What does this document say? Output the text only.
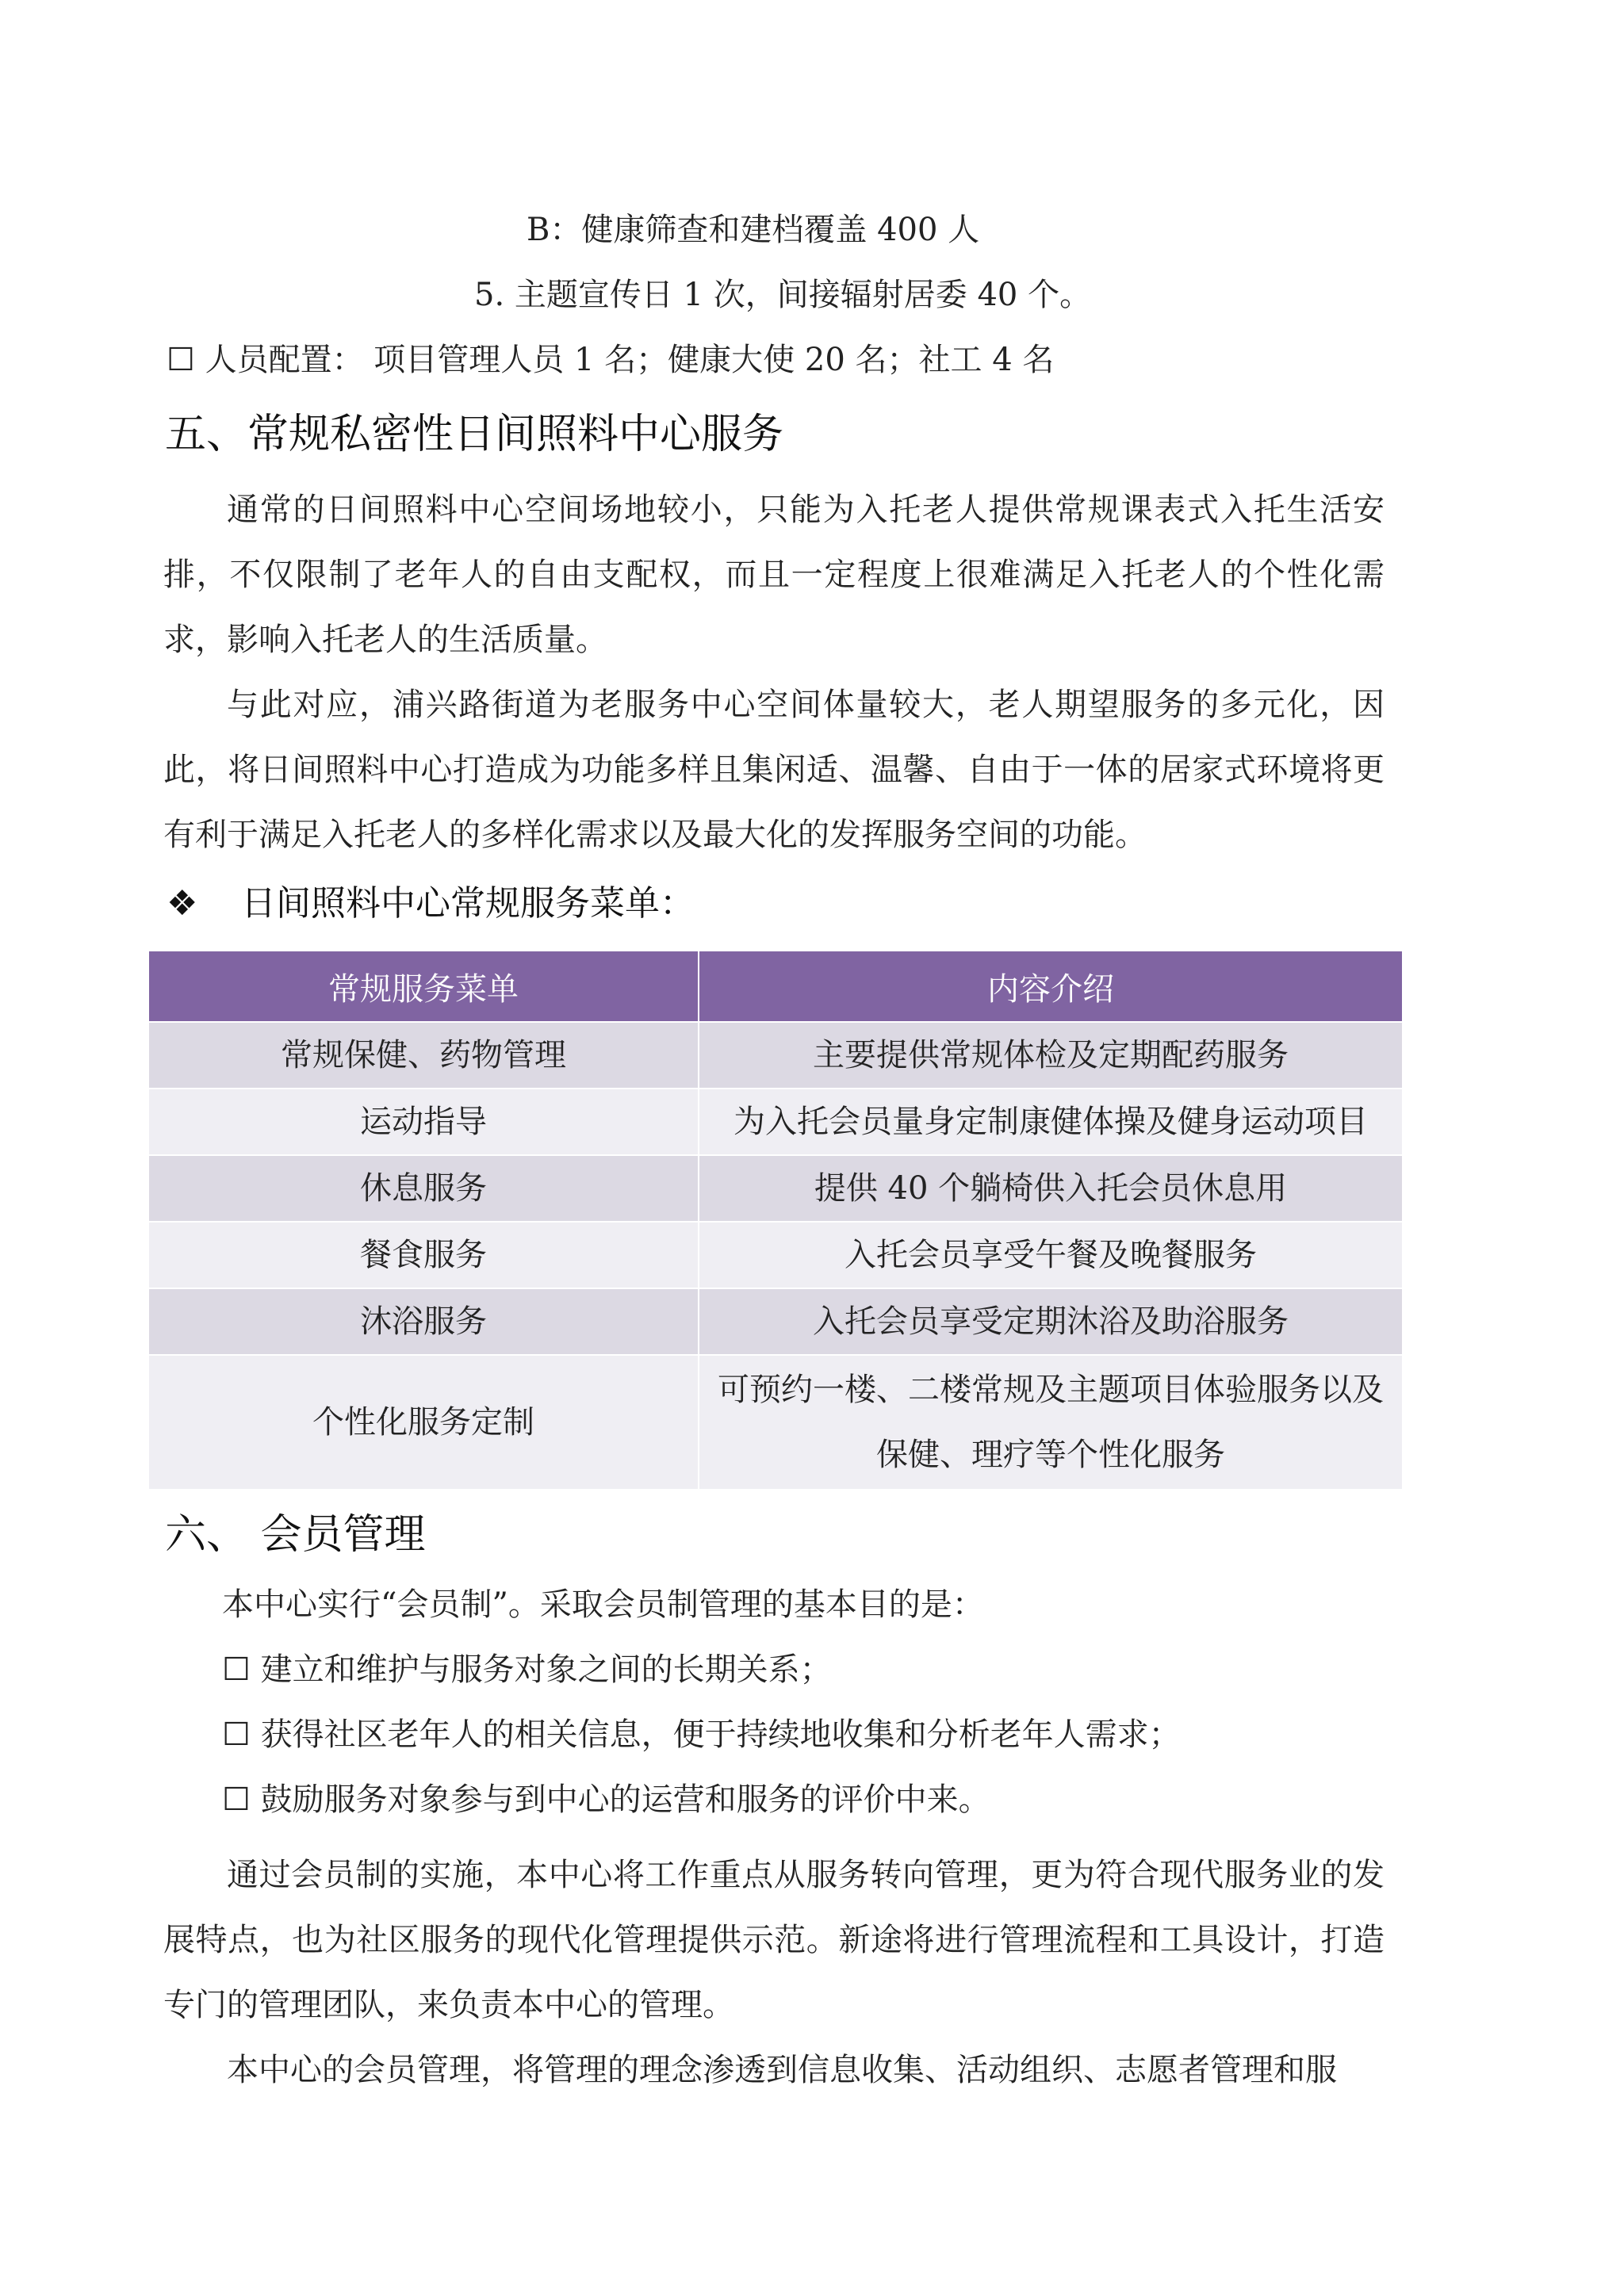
B：健康筛查和建档覆盖 400 人
5. 主题宣传日 1 次，间接辐射居委 40 个。
☐ 人员配置： 项目管理人员 1 名；健康大使 20 名；社工 4 名
五、常规私密性日间照料中心服务

通常的日间照料中心空间场地较小，只能为入托老人提供常规课表式入托生活安排，不仅限制了老年人的自由支配权，而且一定程度上很难满足入托老人的个性化需求，影响入托老人的生活质量。

与此对应，浦兴路街道为老服务中心空间体量较大，老人期望服务的多元化，因此，将日间照料中心打造成为功能多样且集闲适、温馨、自由于一体的居家式环境将更有利于满足入托老人的多样化需求以及最大化的发挥服务空间的功能。

❖ 日间照料中心常规服务菜单：
常规服务菜单	内容介绍
常规保健、药物管理	主要提供常规体检及定期配药服务
运动指导	为入托会员量身定制康健体操及健身运动项目
休息服务	提供 40 个躺椅供入托会员休息用
餐食服务	入托会员享受午餐及晚餐服务
沐浴服务	入托会员享受定期沐浴及助浴服务
个性化服务定制	可预约一楼、二楼常规及主题项目体验服务以及保健、理疗等个性化服务
六、 会员管理
本中心实行“会员制”。采取会员制管理的基本目的是：
☐ 建立和维护与服务对象之间的长期关系；
☐ 获得社区老年人的相关信息，便于持续地收集和分析老年人需求；
☐ 鼓励服务对象参与到中心的运营和服务的评价中来。

通过会员制的实施，本中心将工作重点从服务转向管理，更为符合现代服务业的发展特点，也为社区服务的现代化管理提供示范。新途将进行管理流程和工具设计，打造专门的管理团队，来负责本中心的管理。

本中心的会员管理，将管理的理念渗透到信息收集、活动组织、志愿者管理和服
